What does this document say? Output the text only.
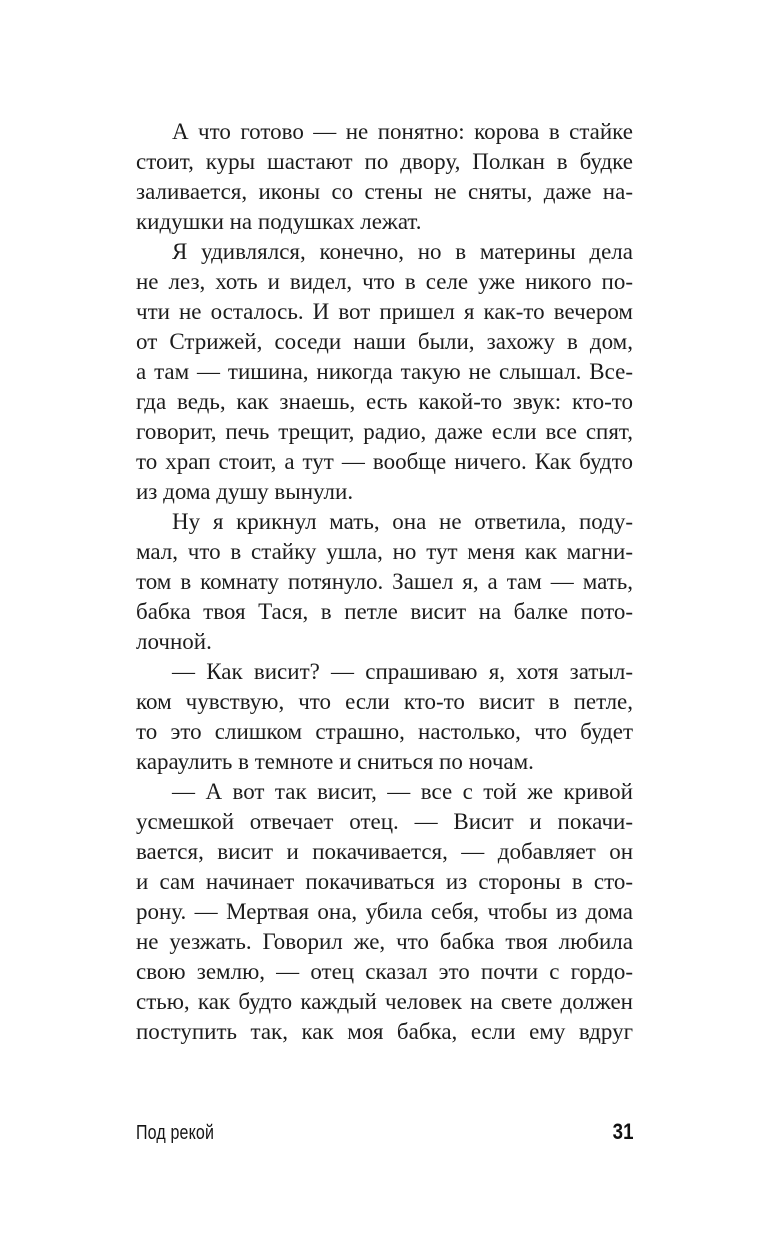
А что готово — не понятно: корова в стайке
стоит, куры шастают по двору, Полкан в будке
заливается, иконы со стены не сняты, даже на-
кидушки на подушках лежат.
Я удивлялся, конечно, но в материны дела
не лез, хоть и видел, что в селе уже никого по-
чти не осталось. И вот пришел я как-то вечером
от Стрижей, соседи наши были, захожу в дом,
а там — тишина, никогда такую не слышал. Все-
гда ведь, как знаешь, есть какой-то звук: кто-то
говорит, печь трещит, радио, даже если все спят,
то храп стоит, а тут — вообще ничего. Как будто
из дома душу вынули.
Ну я крикнул мать, она не ответила, поду-
мал, что в стайку ушла, но тут меня как магни-
том в комнату потянуло. Зашел я, а там — мать,
бабка твоя Тася, в петле висит на балке пото-
лочной.
— Как висит? — спрашиваю я, хотя затыл-
ком чувствую, что если кто-то висит в петле,
то это слишком страшно, настолько, что будет
караулить в темноте и сниться по ночам.
— А вот так висит, — все с той же кривой
усмешкой отвечает отец. — Висит и покачи-
вается, висит и покачивается, — добавляет он
и сам начинает покачиваться из стороны в сто-
рону. — Мертвая она, убила себя, чтобы из дома
не уезжать. Говорил же, что бабка твоя любила
свою землю, — отец сказал это почти с гордо-
стью, как будто каждый человек на свете должен
поступить так, как моя бабка, если ему вдруг
Под рекой	31
